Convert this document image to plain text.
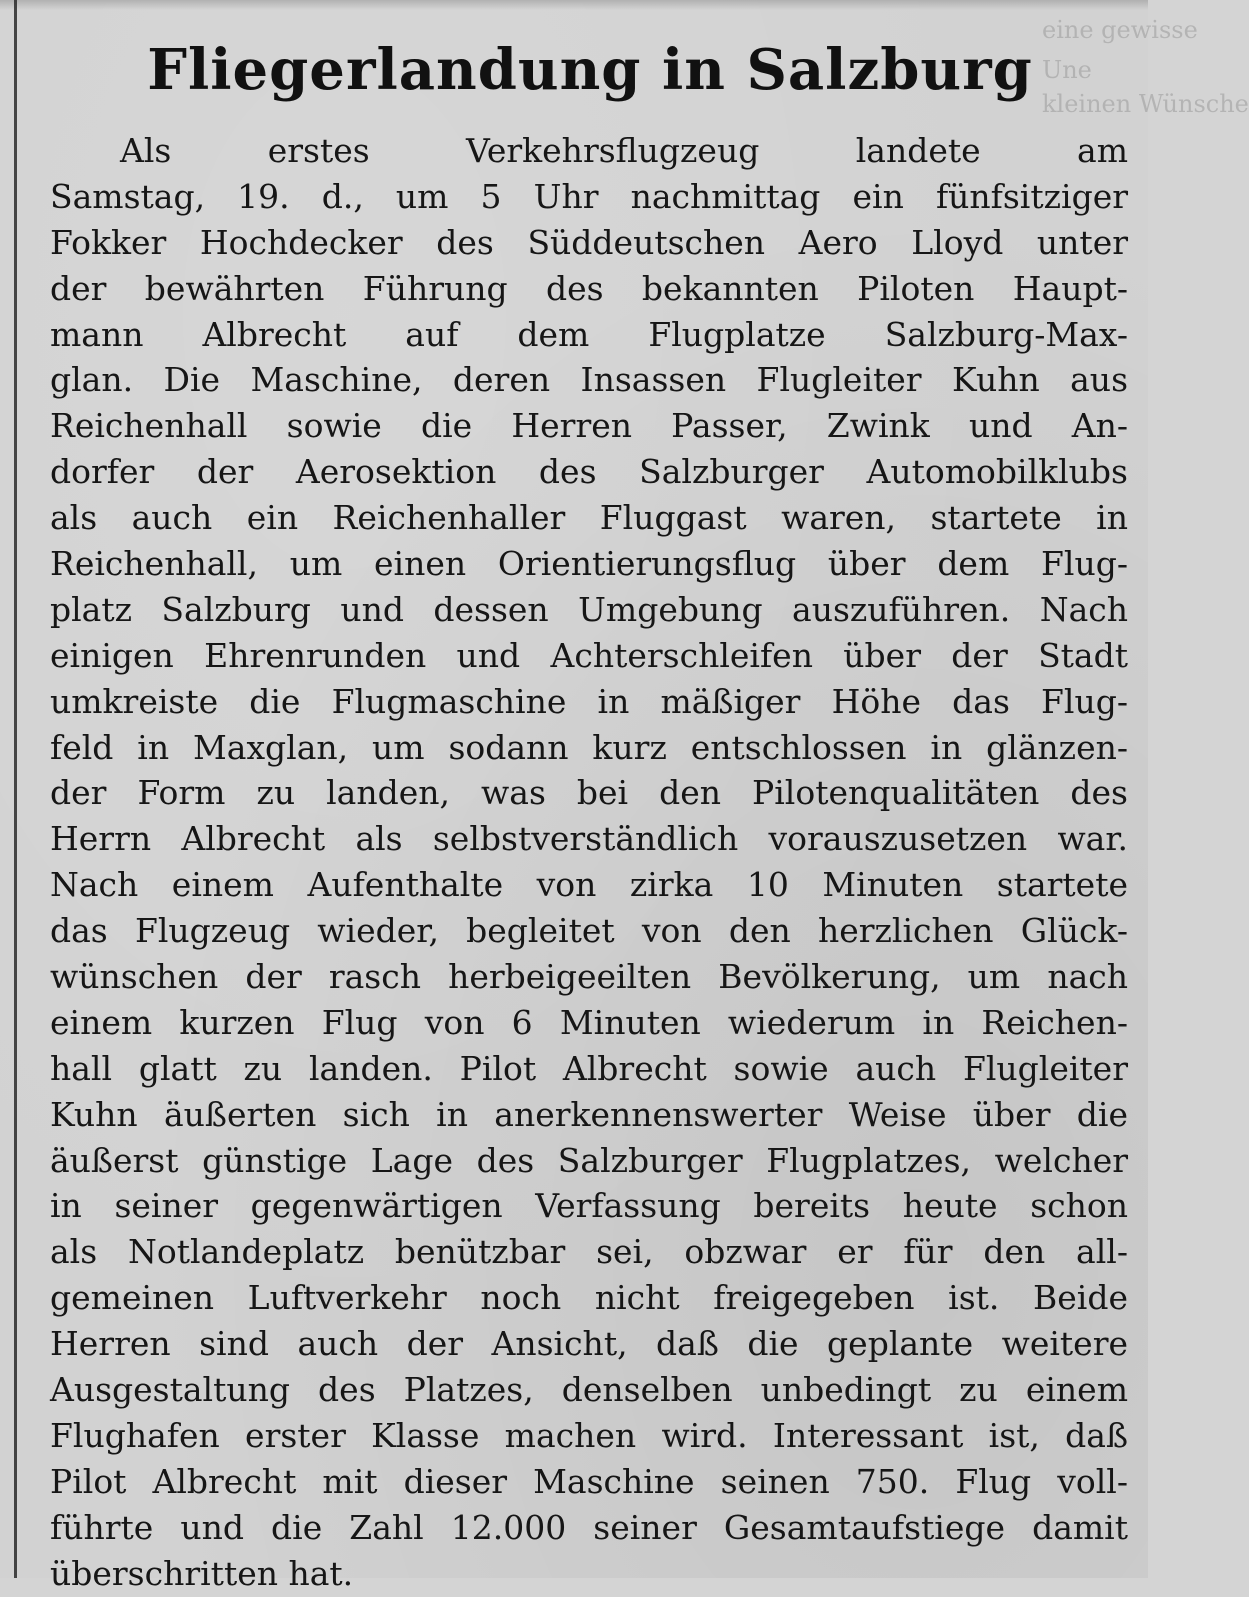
eine gewisse
Une
kleinen Wünsche
Fliegerlandung in Salzburg
Als erstes Verkehrsflugzeug landete am
Samstag, 19. d., um 5 Uhr nachmittag ein fünfsitziger
Fokker Hochdecker des Süddeutschen Aero Lloyd unter
der bewährten Führung des bekannten Piloten Haupt-
mann Albrecht auf dem Flugplatze Salzburg-Max-
glan. Die Maschine, deren Insassen Flugleiter Kuhn aus
Reichenhall sowie die Herren Passer, Zwink und An-
dorfer der Aerosektion des Salzburger Automobilklubs
als auch ein Reichenhaller Fluggast waren, startete in
Reichenhall, um einen Orientierungsflug über dem Flug-
platz Salzburg und dessen Umgebung auszuführen. Nach
einigen Ehrenrunden und Achterschleifen über der Stadt
umkreiste die Flugmaschine in mäßiger Höhe das Flug-
feld in Maxglan, um sodann kurz entschlossen in glänzen-
der Form zu landen, was bei den Pilotenqualitäten des
Herrn Albrecht als selbstverständlich vorauszusetzen war.
Nach einem Aufenthalte von zirka 10 Minuten startete
das Flugzeug wieder, begleitet von den herzlichen Glück-
wünschen der rasch herbeigeeilten Bevölkerung, um nach
einem kurzen Flug von 6 Minuten wiederum in Reichen-
hall glatt zu landen. Pilot Albrecht sowie auch Flugleiter
Kuhn äußerten sich in anerkennenswerter Weise über die
äußerst günstige Lage des Salzburger Flugplatzes, welcher
in seiner gegenwärtigen Verfassung bereits heute schon
als Notlandeplatz benützbar sei, obzwar er für den all-
gemeinen Luftverkehr noch nicht freigegeben ist. Beide
Herren sind auch der Ansicht, daß die geplante weitere
Ausgestaltung des Platzes, denselben unbedingt zu einem
Flughafen erster Klasse machen wird. Interessant ist, daß
Pilot Albrecht mit dieser Maschine seinen 750. Flug voll-
führte und die Zahl 12.000 seiner Gesamtaufstiege damit
überschritten hat.
